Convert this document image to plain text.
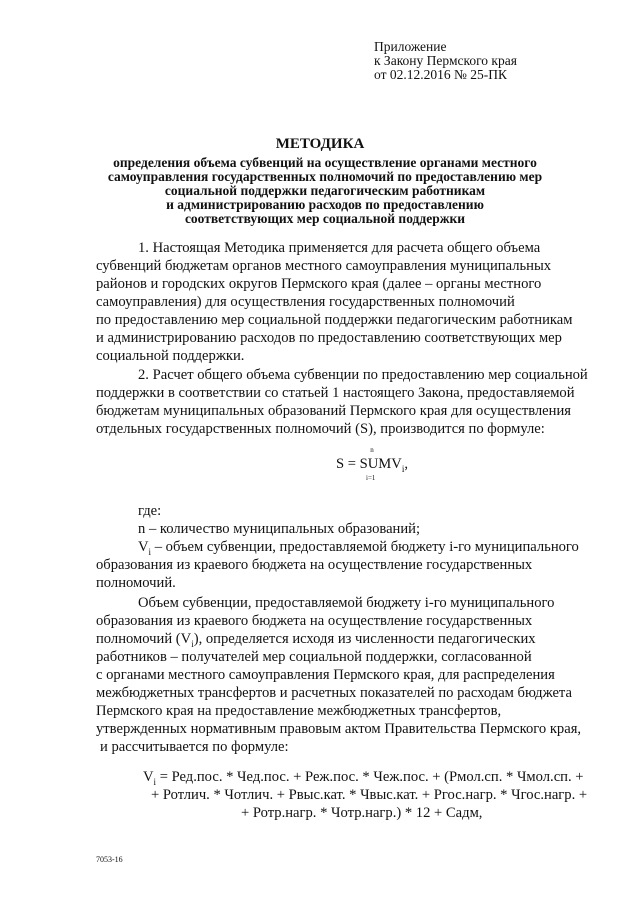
Приложение
к Закону Пермского края
от 02.12.2016 № 25-ПК
МЕТОДИКА
определения объема субвенций на осуществление органами местного
самоуправления государственных полномочий по предоставлению мер
социальной поддержки педагогическим работникам
и администрированию расходов по предоставлению
соответствующих мер социальной поддержки
1. Настоящая Методика применяется для расчета общего объема
субвенций бюджетам органов местного самоуправления муниципальных
районов и городских округов Пермского края (далее – органы местного
самоуправления) для осуществления государственных полномочий
по предоставлению мер социальной поддержки педагогическим работникам
и администрированию расходов по предоставлению соответствующих мер
социальной поддержки.
2. Расчет общего объема субвенции по предоставлению мер социальной
поддержки в соответствии со статьей 1 настоящего Закона, предоставляемой
бюджетам муниципальных образований Пермского края для осуществления
отдельных государственных полномочий (S), производится по формуле:
n
$S = SUMV_i$,
i=1
где:
n – количество муниципальных образований;
$V_i$ – объем субвенции, предоставляемой бюджету i-го муниципального
образования из краевого бюджета на осуществление государственных
полномочий.
Объем субвенции, предоставляемой бюджету i-го муниципального
образования из краевого бюджета на осуществление государственных
полномочий $(V_i)$, определяется исходя из численности педагогических
работников – получателей мер социальной поддержки, согласованной
с органами местного самоуправления Пермского края, для распределения
межбюджетных трансфертов и расчетных показателей по расходам бюджета
Пермского края на предоставление межбюджетных трансфертов,
утвержденных нормативным правовым актом Правительства Пермского края,
и рассчитывается по формуле:
$V_i = Ред.пос$. * Чед.пос. + Реж.пос. * Чеж.пос. + (Рмол.сп. * Чмол.сп. +
+ Ротлич. * Чотлич. + Рвыс.кат. * Чвыс.кат. + Ргос.нагр. * Чгос.нагр. +
+ Ротр.нагр. * Чотр.нагр.) * 12 + Садм,
7053-16
